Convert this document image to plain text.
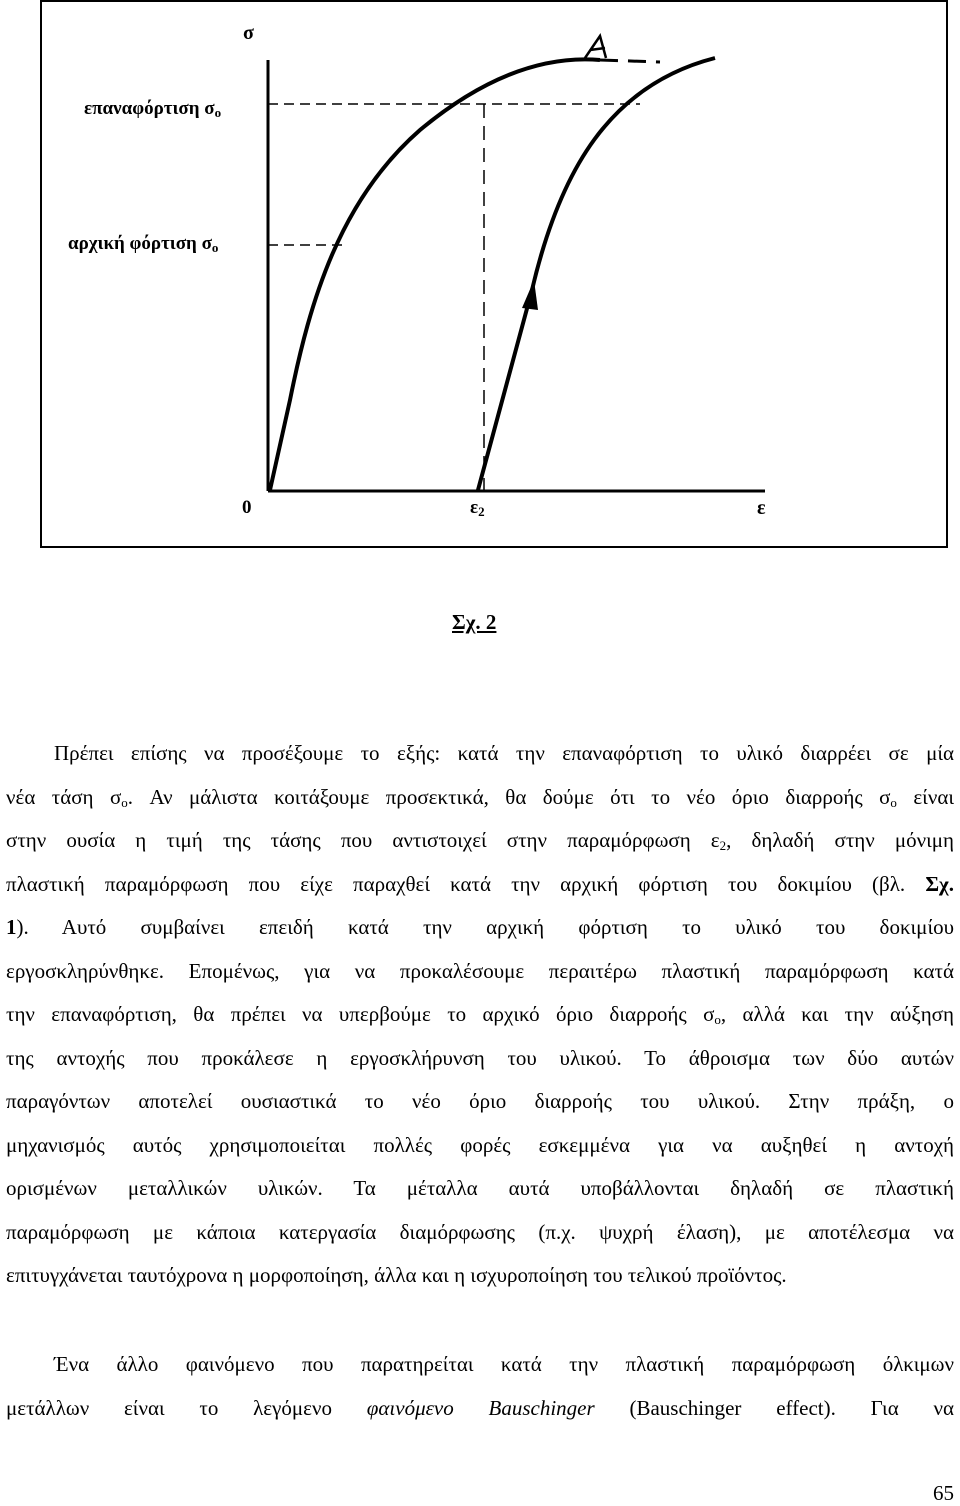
σ
επαναφόρτιση $\sigma_o$
αρχική φόρτιση $\sigma_o$
0	$\varepsilon_2$	ε
Σχ. 2
Πρέπει επίσης να προσέξουμε το εξής: κατά την επαναφόρτιση το υλικό διαρρέει σε μία
νέα τάση $\sigma_o$. Αν μάλιστα κοιτάξουμε προσεκτικά, θα δούμε ότι το νέο όριο διαρροής $\sigma_o$ είναι
στην ουσία η τιμή της τάσης που αντιστοιχεί στην παραμόρφωση $\varepsilon_2$, δηλαδή στην μόνιμη
πλαστική παραμόρφωση που είχε παραχθεί κατά την αρχική φόρτιση του δοκιμίου (βλ. Σχ.
1). Αυτό συμβαίνει επειδή κατά την αρχική φόρτιση το υλικό του δοκιμίου
εργοσκληρύνθηκε. Επομένως, για να προκαλέσουμε περαιτέρω πλαστική παραμόρφωση κατά
την επαναφόρτιση, θα πρέπει να υπερβούμε το αρχικό όριο διαρροής $\sigma_o$, αλλά και την αύξηση
της αντοχής που προκάλεσε η εργοσκλήρυνση του υλικού. Το άθροισμα των δύο αυτών
παραγόντων αποτελεί ουσιαστικά το νέο όριο διαρροής του υλικού. Στην πράξη, ο
μηχανισμός αυτός χρησιμοποιείται πολλές φορές εσκεμμένα για να αυξηθεί η αντοχή
ορισμένων μεταλλικών υλικών. Τα μέταλλα αυτά υποβάλλονται δηλαδή σε πλαστική
παραμόρφωση με κάποια κατεργασία διαμόρφωσης (π.χ. ψυχρή έλαση), με αποτέλεσμα να
επιτυγχάνεται ταυτόχρονα η μορφοποίηση, άλλα και η ισχυροποίηση του τελικού προϊόντος.
Ένα άλλο φαινόμενο που παρατηρείται κατά την πλαστική παραμόρφωση όλκιμων
μετάλλων είναι το λεγόμενο φαινόμενο Bauschinger (Bauschinger effect). Για να
65
